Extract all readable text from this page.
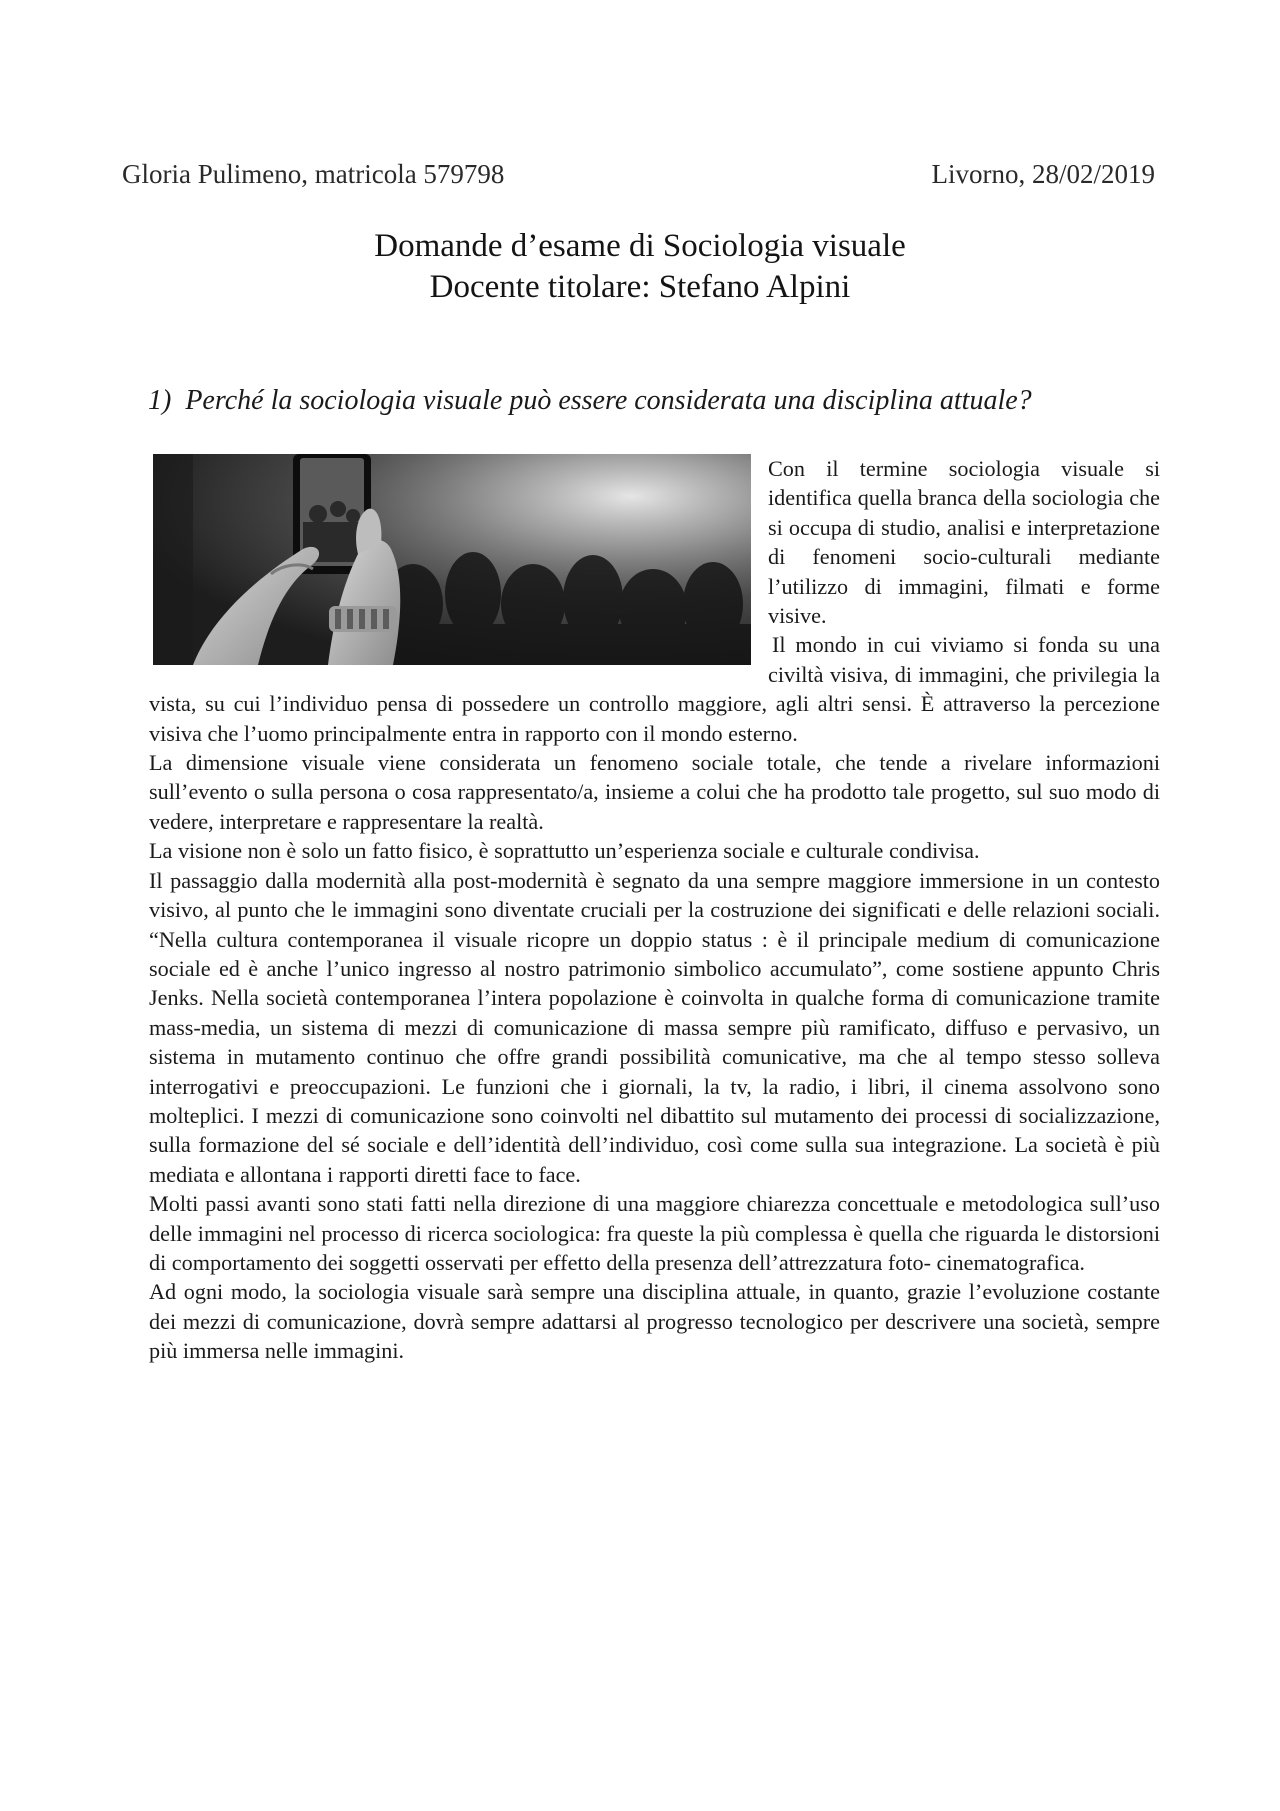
Gloria Pulimeno, matricola 579798	Livorno, 28/02/2019
Domande d’esame di Sociologia visuale
Docente titolare: Stefano Alpini
1) Perché la sociologia visuale può essere considerata una disciplina attuale?

Con il termine sociologia visuale si identifica quella branca della sociologia che si occupa di studio, analisi e interpretazione di fenomeni socio-culturali mediante l’utilizzo di immagini, filmati e forme visive.

Il mondo in cui viviamo si fonda su una civiltà visiva, di immagini, che privilegia la vista, su cui l’individuo pensa di possedere un controllo maggiore, agli altri sensi. È attraverso la percezione visiva che l’uomo principalmente entra in rapporto con il mondo esterno.

La dimensione visuale viene considerata un fenomeno sociale totale, che tende a rivelare informazioni sull’evento o sulla persona o cosa rappresentato/a, insieme a colui che ha prodotto tale progetto, sul suo modo di vedere, interpretare e rappresentare la realtà.

La visione non è solo un fatto fisico, è soprattutto un’esperienza sociale e culturale condivisa.

Il passaggio dalla modernità alla post-modernità è segnato da una sempre maggiore immersione in un contesto visivo, al punto che le immagini sono diventate cruciali per la costruzione dei significati e delle relazioni sociali. “Nella cultura contemporanea il visuale ricopre un doppio status : è il principale medium di comunicazione sociale ed è anche l’unico ingresso al nostro patrimonio simbolico accumulato”, come sostiene appunto Chris Jenks. Nella società contemporanea l’intera popolazione è coinvolta in qualche forma di comunicazione tramite mass-media, un sistema di mezzi di comunicazione di massa sempre più ramificato, diffuso e pervasivo, un sistema in mutamento continuo che offre grandi possibilità comunicative, ma che al tempo stesso solleva interrogativi e preoccupazioni. Le funzioni che i giornali, la tv, la radio, i libri, il cinema assolvono sono molteplici. I mezzi di comunicazione sono coinvolti nel dibattito sul mutamento dei processi di socializzazione, sulla formazione del sé sociale e dell’identità dell’individuo, così come sulla sua integrazione. La società è più mediata e allontana i rapporti diretti face to face.

Molti passi avanti sono stati fatti nella direzione di una maggiore chiarezza concettuale e metodologica sull’uso delle immagini nel processo di ricerca sociologica: fra queste la più complessa è quella che riguarda le distorsioni di comportamento dei soggetti osservati per effetto della presenza dell’attrezzatura foto- cinematografica.

Ad ogni modo, la sociologia visuale sarà sempre una disciplina attuale, in quanto, grazie l’evoluzione costante dei mezzi di comunicazione, dovrà sempre adattarsi al progresso tecnologico per descrivere una società, sempre più immersa nelle immagini.
